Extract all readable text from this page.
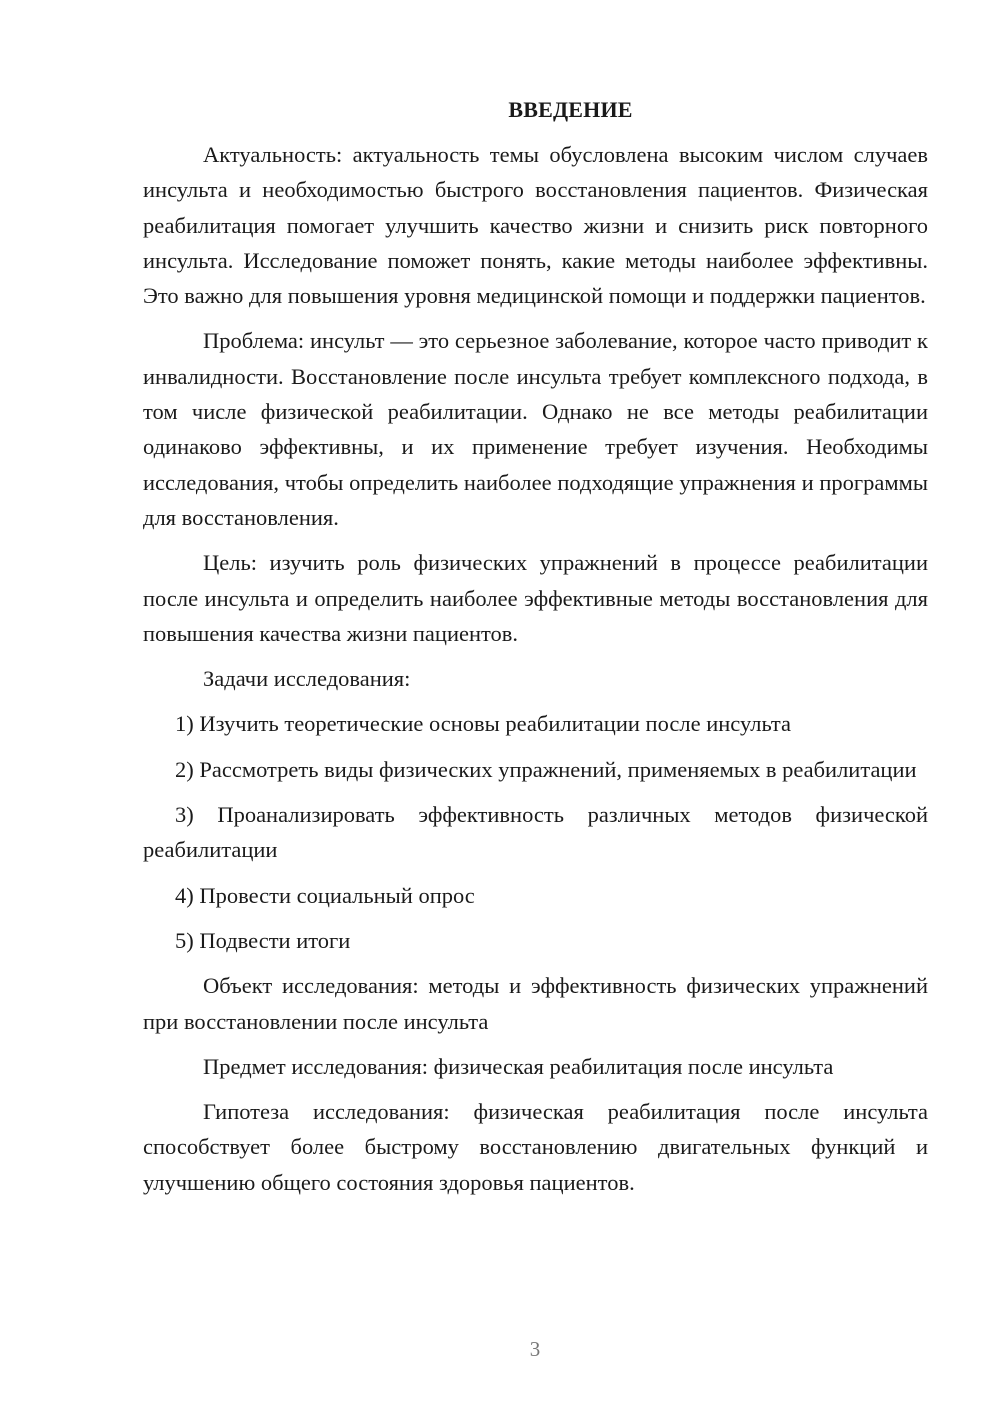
ВВЕДЕНИЕ

Актуальность: актуальность темы обусловлена высоким числом случаев инсульта и необходимостью быстрого восстановления пациентов. Физическая реабилитация помогает улучшить качество жизни и снизить риск повторного инсульта. Исследование поможет понять, какие методы наиболее эффективны. Это важно для повышения уровня медицинской помощи и поддержки пациентов.

Проблема: инсульт — это серьезное заболевание, которое часто приводит к инвалидности. Восстановление после инсульта требует комплексного подхода, в том числе физической реабилитации. Однако не все методы реабилитации одинаково эффективны, и их применение требует изучения. Необходимы исследования, чтобы определить наиболее подходящие упражнения и программы для восстановления.

Цель: изучить роль физических упражнений в процессе реабилитации после инсульта и определить наиболее эффективные методы восстановления для повышения качества жизни пациентов.

Задачи исследования:

1) Изучить теоретические основы реабилитации после инсульта

2) Рассмотреть виды физических упражнений, применяемых в реабилитации

3) Проанализировать эффективность различных методов физической реабилитации

4) Провести социальный опрос

5) Подвести итоги

Объект исследования: методы и эффективность физических упражнений при восстановлении после инсульта

Предмет исследования: физическая реабилитация после инсульта

Гипотеза исследования: физическая реабилитация после инсульта способствует более быстрому восстановлению двигательных функций и улучшению общего состояния здоровья пациентов.

3
